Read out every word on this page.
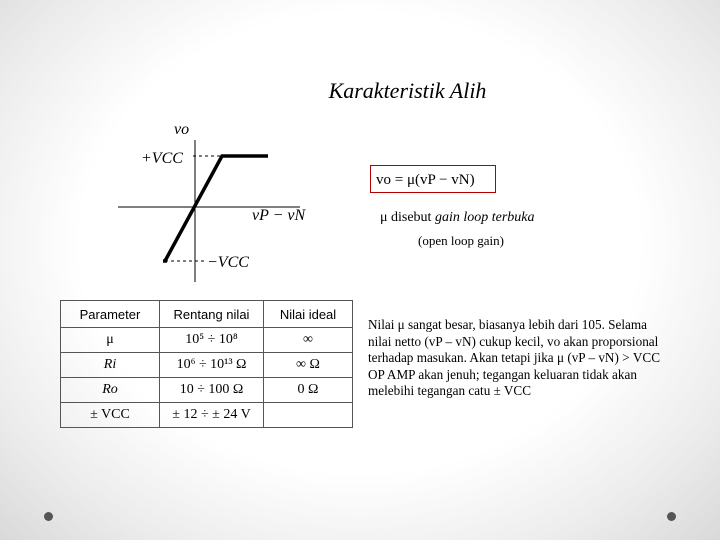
Karakteristik Alih
vo
+VCC
vP − vN
−VCC
vo = μ(vP − vN)
μ disebut gain loop terbuka
(open loop gain)
Parameter	Rentang nilai	Nilai ideal
μ	10⁵ ÷ 10⁸	∞
Ri	10⁶ ÷ 10¹³ Ω	∞ Ω
Ro	10 ÷ 100 Ω	0 Ω
± VCC	± 12 ÷ ± 24 V	
Nilai μ sangat besar, biasanya lebih dari 105. Selama nilai netto (vP – vN) cukup kecil, vo akan proporsional terhadap masukan. Akan tetapi jika μ (vP – vN) > VCC OP AMP akan jenuh; tegangan keluaran tidak akan melebihi tegangan catu ± VCC
